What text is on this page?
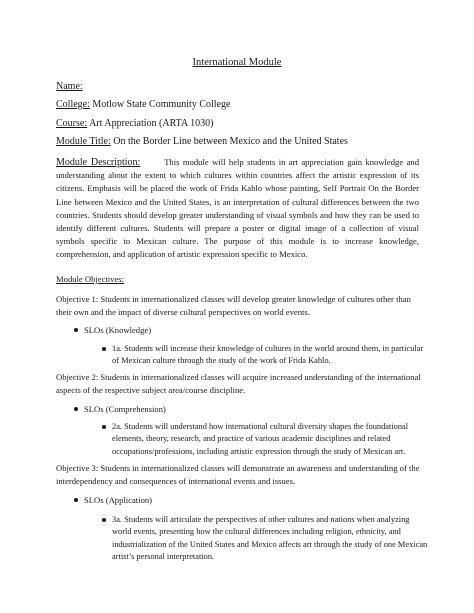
International Module
Name:
College: Motlow State Community College
Course: Art Appreciation (ARTA 1030)
Module Title: On the Border Line between Mexico and the United States
Module Description:	This module will help students in art appreciation gain knowledge and understanding about the extent to which cultures within countries affect the artistic expression of its citizens. Emphasis will be placed the work of Frida Kahlo whose painting, Self Portrait On the Border Line between Mexico and the United States, is an interpretation of cultural differences between the two countries. Students should develop greater understanding of visual symbols and how they can be used to identify different cultures. Students will prepare a poster or digital image of a collection of visual symbols specific to Mexican culture. The purpose of this module is to increase knowledge, comprehension, and application of artistic expression specific to Mexico.
Module Objectives:
Objective 1: Students in internationalized classes will develop greater knowledge of cultures other than their own and the impact of diverse cultural perspectives on world events.
SLOs (Knowledge)
1a. Students will increase their knowledge of cultures in the world around them, in particular of Mexican culture through the study of the work of Frida Kahlo.
Objective 2: Students in internationalized classes will acquire increased understanding of the international aspects of the respective subject area/course discipline.
SLOs (Comprehension)
2a. Students will understand how international cultural diversity shapes the foundational elements, theory, research, and practice of various academic disciplines and related occupations/professions, including artistic expression through the study of Mexican art.
Objective 3: Students in internationalized classes will demonstrate an awareness and understanding of the interdependency and consequences of international events and issues.
SLOs (Application)
3a. Students will articulate the perspectives of other cultures and nations when analyzing world events, presenting how the cultural differences including religion, ethnicity, and industrialization of the United States and Mexico affects art through the study of one Mexican artist’s personal interpretation.
